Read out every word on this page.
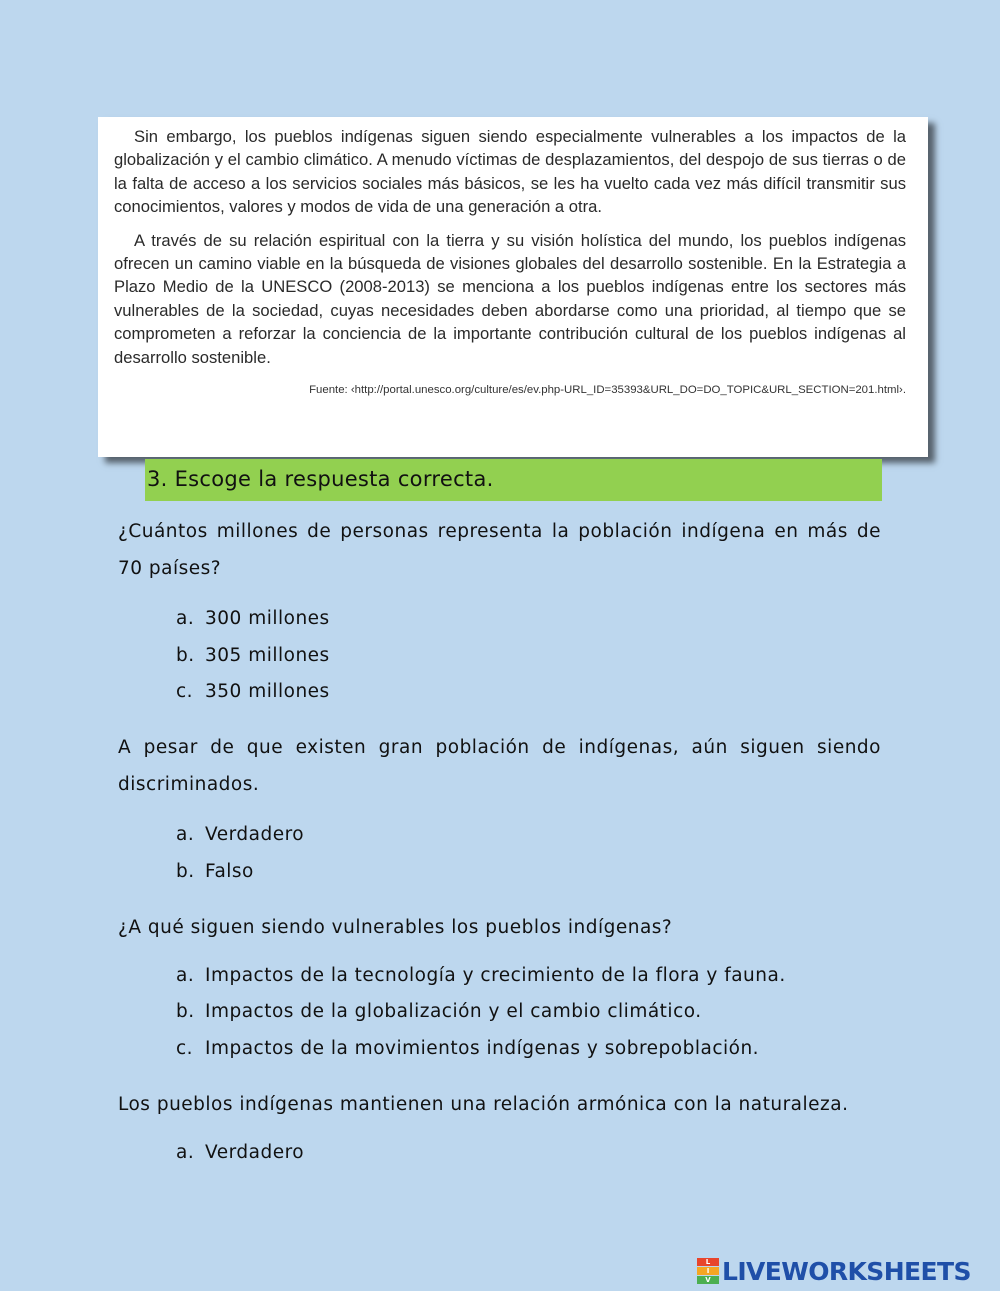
Sin embargo, los pueblos indígenas siguen siendo especialmente vulnerables a los impactos de la globalización y el cambio climático. A menudo víctimas de desplazamientos, del despojo de sus tierras o de la falta de acceso a los servicios sociales más básicos, se les ha vuelto cada vez más difícil transmitir sus conocimientos, valores y modos de vida de una generación a otra.

A través de su relación espiritual con la tierra y su visión holística del mundo, los pueblos indígenas ofrecen un camino viable en la búsqueda de visiones globales del desarrollo sostenible. En la Estrategia a Plazo Medio de la UNESCO (2008-2013) se menciona a los pueblos indígenas entre los sectores más vulnerables de la sociedad, cuyas necesidades deben abordarse como una prioridad, al tiempo que se comprometen a reforzar la conciencia de la importante contribución cultural de los pueblos indígenas al desarrollo sostenible.

Fuente: ‹http://portal.unesco.org/culture/es/ev.php-URL_ID=35393&URL_DO=DO_TOPIC&URL_SECTION=201.html›.

3. Escoge la respuesta correcta.

¿Cuántos millones de personas representa la población indígena en más de 70 países?

a. 300 millones
b. 305 millones
c. 350 millones

A pesar de que existen gran población de indígenas, aún siguen siendo discriminados.

a. Verdadero
b. Falso

¿A qué siguen siendo vulnerables los pueblos indígenas?

a. Impactos de la tecnología y crecimiento de la flora y fauna.
b. Impactos de la globalización y el cambio climático.
c. Impactos de la movimientos indígenas y sobrepoblación.

Los pueblos indígenas mantienen una relación armónica con la naturaleza.

a. Verdadero
L
I
V LIVEWORKSHEETS
